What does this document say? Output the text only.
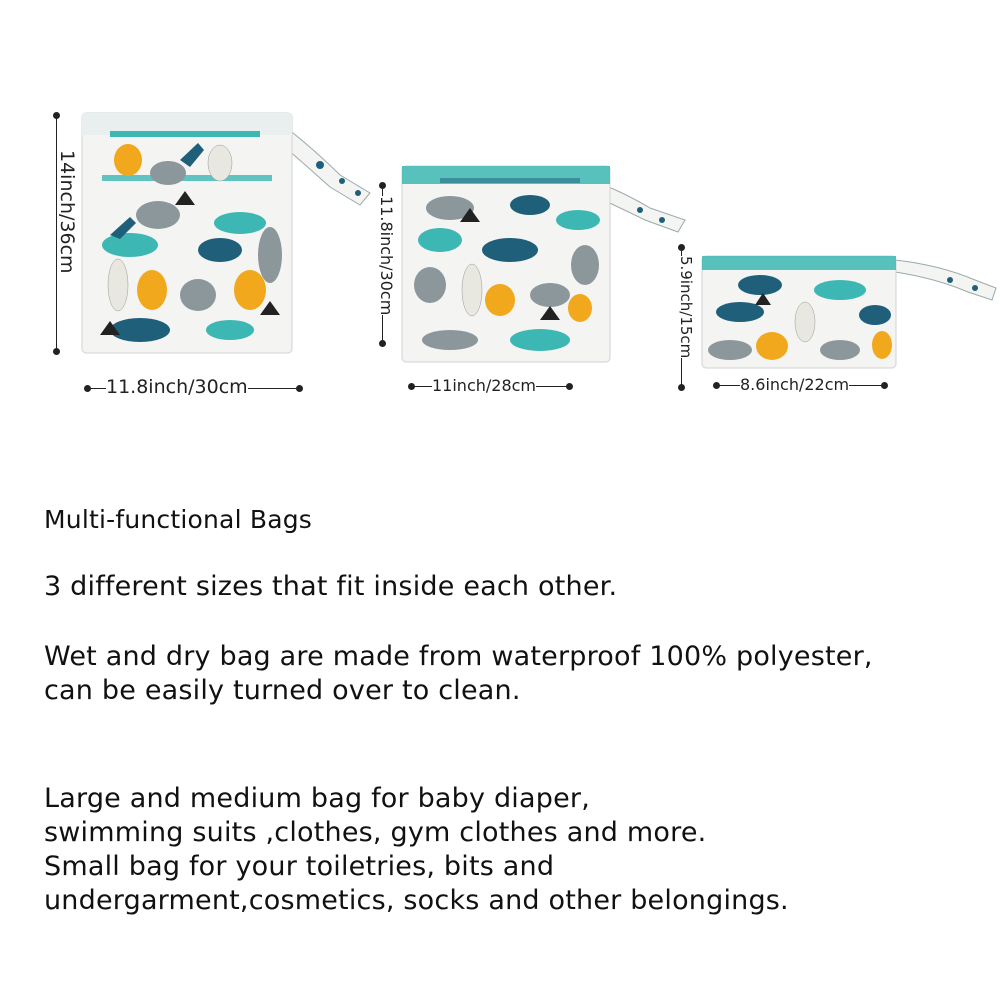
14inch/36cm
11.8inch/30cm
11.8inch/30cm
11inch/28cm
5.9inch/15cm
8.6inch/22cm
Multi-functional Bags
3 different sizes that fit inside each other.
Wet and dry bag are made from waterproof 100% polyester,
can be easily turned over to clean.
Large and medium bag for baby diaper,
swimming suits ,clothes, gym clothes and more.
Small bag for your toiletries, bits and
undergarment,cosmetics, socks and other belongings.
